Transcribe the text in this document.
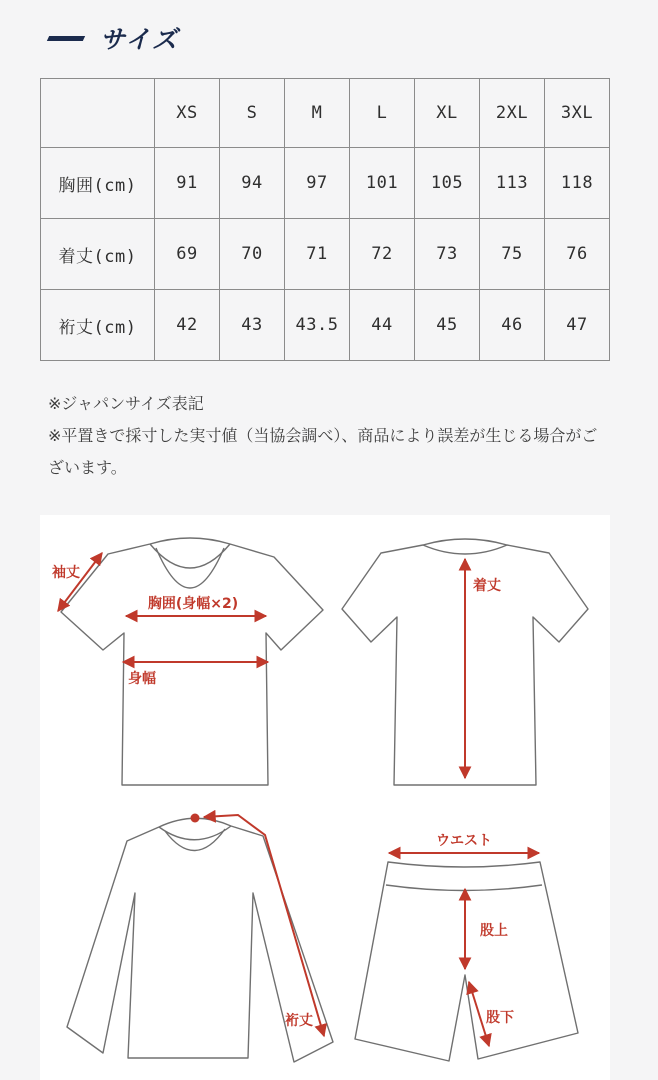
サイズ
	XS	S	M	L	XL	2XL	3XL
胸囲(cm)	91	94	97	101	105	113	118
着丈(cm)	69	70	71	72	73	75	76
裄丈(cm)	42	43	43.5	44	45	46	47

※ジャパンサイズ表記

※平置きで採寸した実寸値（当協会調べ）、商品により誤差が生じる場合がございます。

袖丈
胸囲(身幅×2)
身幅
着丈
裄丈
ウエスト
股上
股下
